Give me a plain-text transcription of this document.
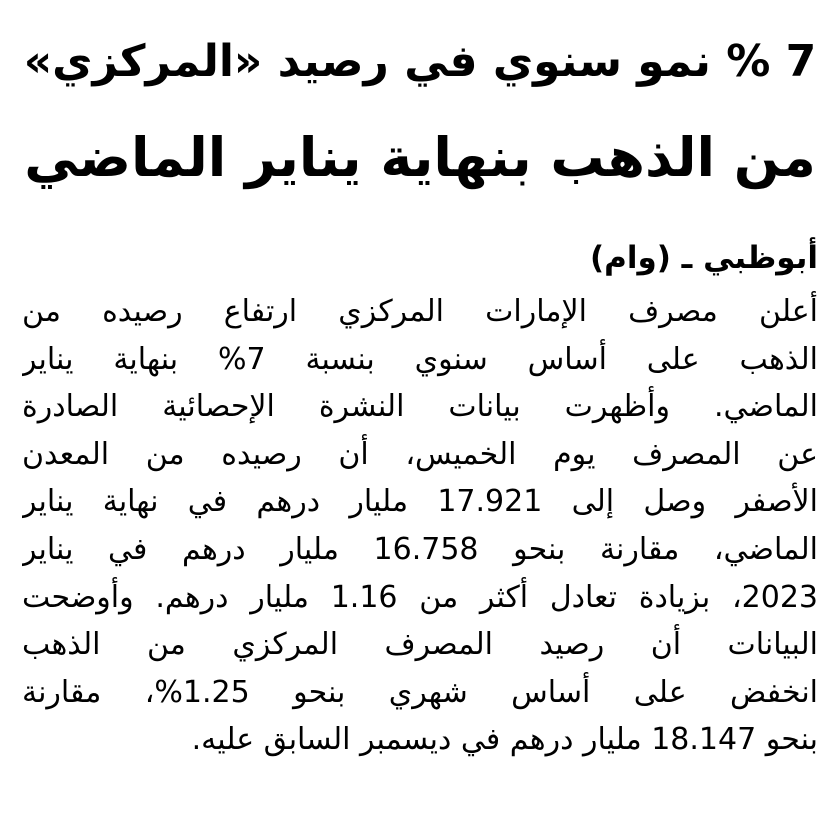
7 % نمو سنوي في رصيد «المركزي»
من الذهب بنهاية يناير الماضي
أبوظبي ـ (وام)
أعلن مصرف الإمارات المركزي ارتفاع رصيده من
الذهب على أساس سنوي بنسبة 7% بنهاية يناير
الماضي. وأظهرت بيانات النشرة الإحصائية الصادرة
عن المصرف يوم الخميس، أن رصيده من المعدن
الأصفر وصل إلى 17.921 مليار درهم في نهاية يناير
الماضي، مقارنة بنحو 16.758 مليار درهم في يناير
2023، بزيادة تعادل أكثر من 1.16 مليار درهم. وأوضحت
البيانات أن رصيد المصرف المركزي من الذهب
انخفض على أساس شهري بنحو 1.25%، مقارنة
بنحو 18.147 مليار درهم في ديسمبر السابق عليه.
